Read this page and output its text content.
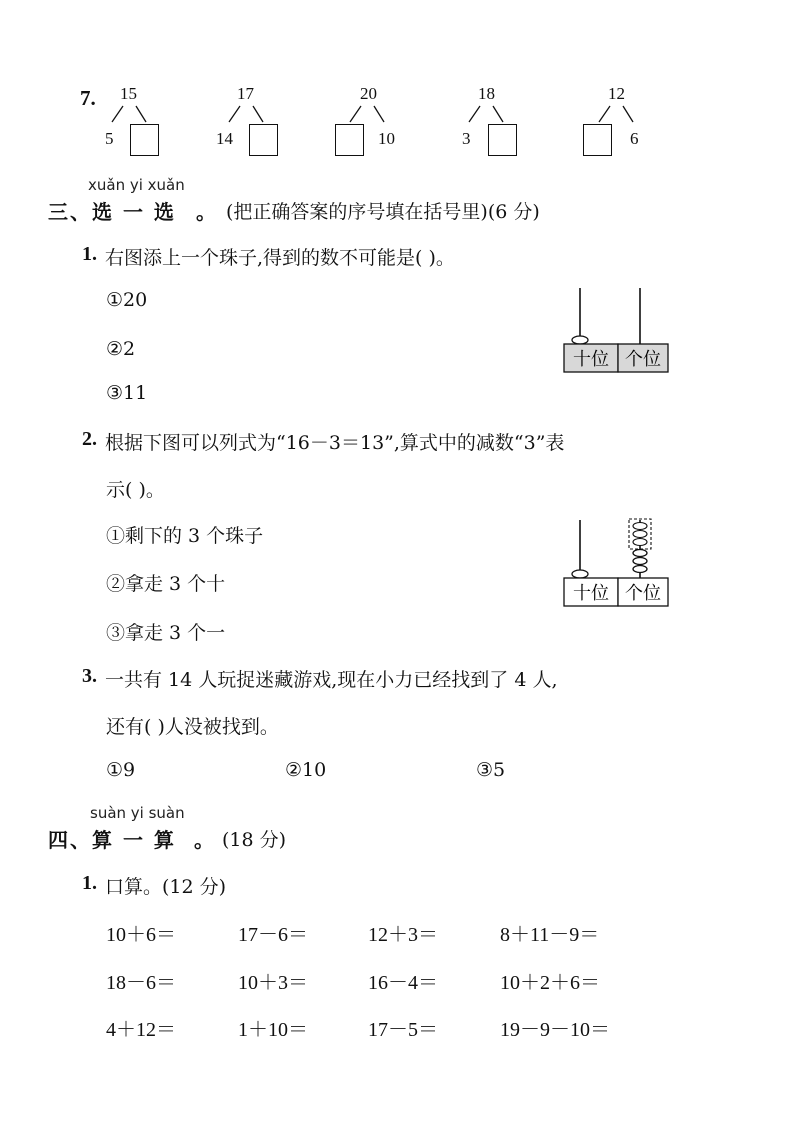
7. 15
5
17
14
20
10
18
3
12
6
xuǎn yi xuǎn
三、选 一 选 。 (把正确答案的序号填在括号里)(6 分)
1. 右图添上一个珠子,得到的数不可能是( )。
①20
②2
③11
十位 个位
2. 根据下图可以列式为“16－3＝13”,算式中的减数“3”表
示( )。
①剩下的 3 个珠子
②拿走 3 个十
③拿走 3 个一
十位 个位
3. 一共有 14 人玩捉迷藏游戏,现在小力已经找到了 4 人,
还有( )人没被找到。
①9	②10	③5
suàn yi suàn
四、算 一 算 。 (18 分)
1. 口算。(12 分)
10＋6＝	17－6＝	12＋3＝	8＋11－9＝
18－6＝	10＋3＝	16－4＝	10＋2＋6＝
4＋12＝	1＋10＝	17－5＝	19－9－10＝
